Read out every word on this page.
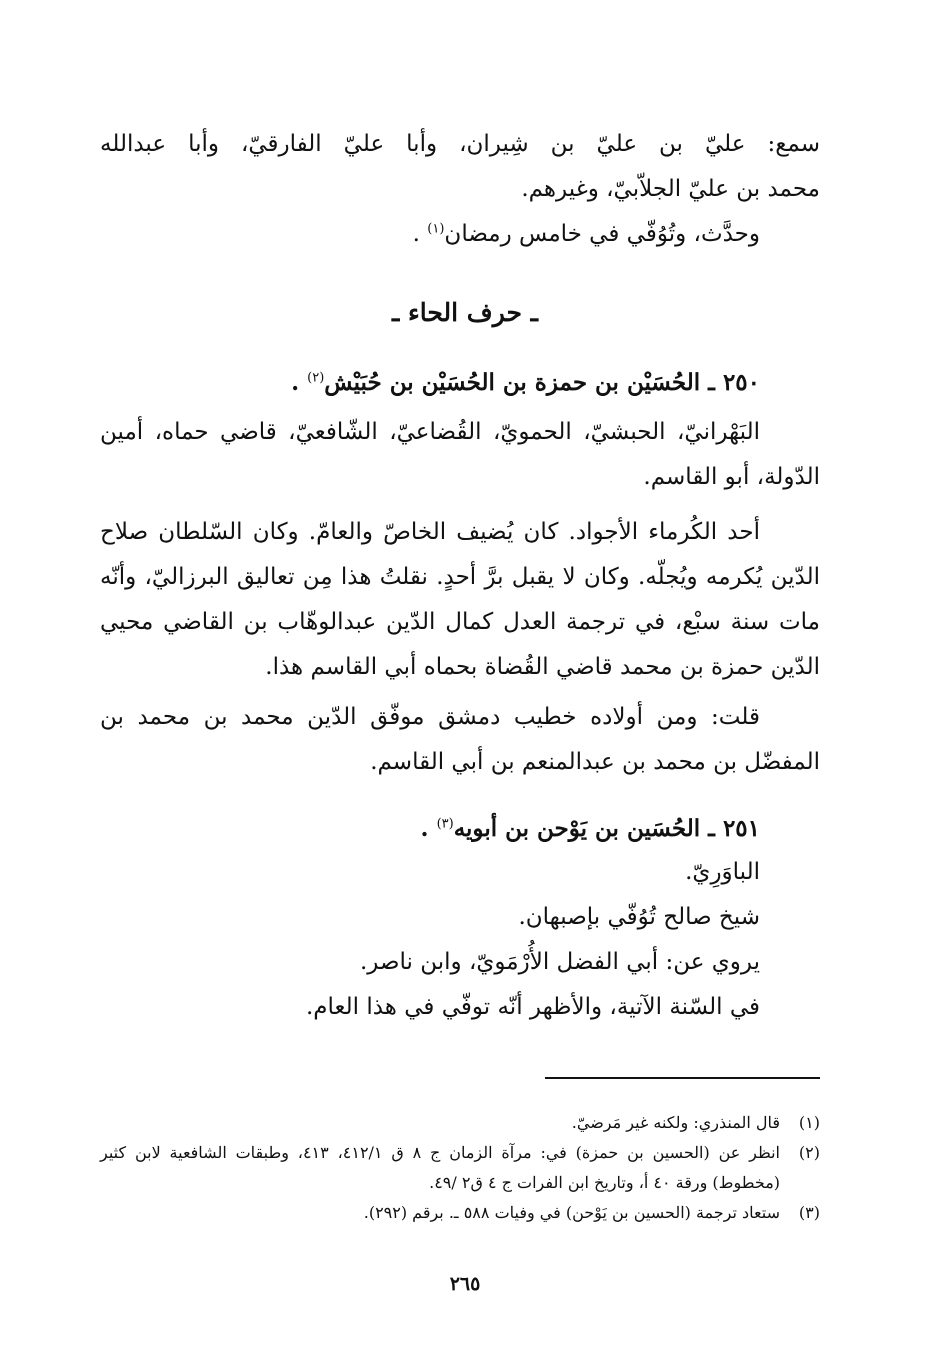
سمع: عليّ بن عليّ بن شِيران، وأبا عليّ الفارقيّ، وأبا عبدالله
محمد بن عليّ الجلاّبيّ، وغيرهم.
وحدَّث، وتُوُفّي في خامس رمضان$^{(١)}$ .
ـ حرف الحاء ـ
٢٥٠ ـ الحُسَيْن بن حمزة بن الحُسَيْن بن حُبَيْش$^{(٢)}$ .
البَهْرانيّ، الحبشيّ، الحمويّ، القُضاعيّ، الشّافعيّ، قاضي حماه، أمين الدّولة، أبو القاسم.
أحد الكُرماء الأجواد. كان يُضيف الخاصّ والعامّ. وكان السّلطان صلاح الدّين يُكرمه ويُجلّه. وكان لا يقبل برَّ أحدٍ. نقلتُ هذا مِن تعاليق البرزاليّ، وأنّه مات سنة سبْع، في ترجمة العدل كمال الدّين عبدالوهّاب بن القاضي محيي الدّين حمزة بن محمد قاضي القُضاة بحماه أبي القاسم هذا.
قلت: ومن أولاده خطيب دمشق موفّق الدّين محمد بن محمد بن المفضّل بن محمد بن عبدالمنعم بن أبي القاسم.
٢٥١ ـ الحُسَين بن يَوْحن بن أبويه$^{(٣)}$ .
الباوَرِيّ.
شيخ صالح تُوُفّي بإصبهان.
يروي عن: أبي الفضل الأُرْمَويّ، وابن ناصر.
في السّنة الآتية، والأظهر أنّه توفّي في هذا العام.
(١)
قال المنذري: ولكنه غير مَرضيّ.
(٢)
انظر عن (الحسين بن حمزة) في: مرآة الزمان ج ٨ ق ٤١٢/١، ٤١٣، وطبقات الشافعية لابن كثير (مخطوط) ورقة ٤٠ أ، وتاريخ ابن الفرات ج ٤ ق٢ /٤٩.
(٣)
ستعاد ترجمة (الحسين بن يَوْحن) في وفيات ٥٨٨ ـ. برقم (٢٩٢).
٢٦٥
